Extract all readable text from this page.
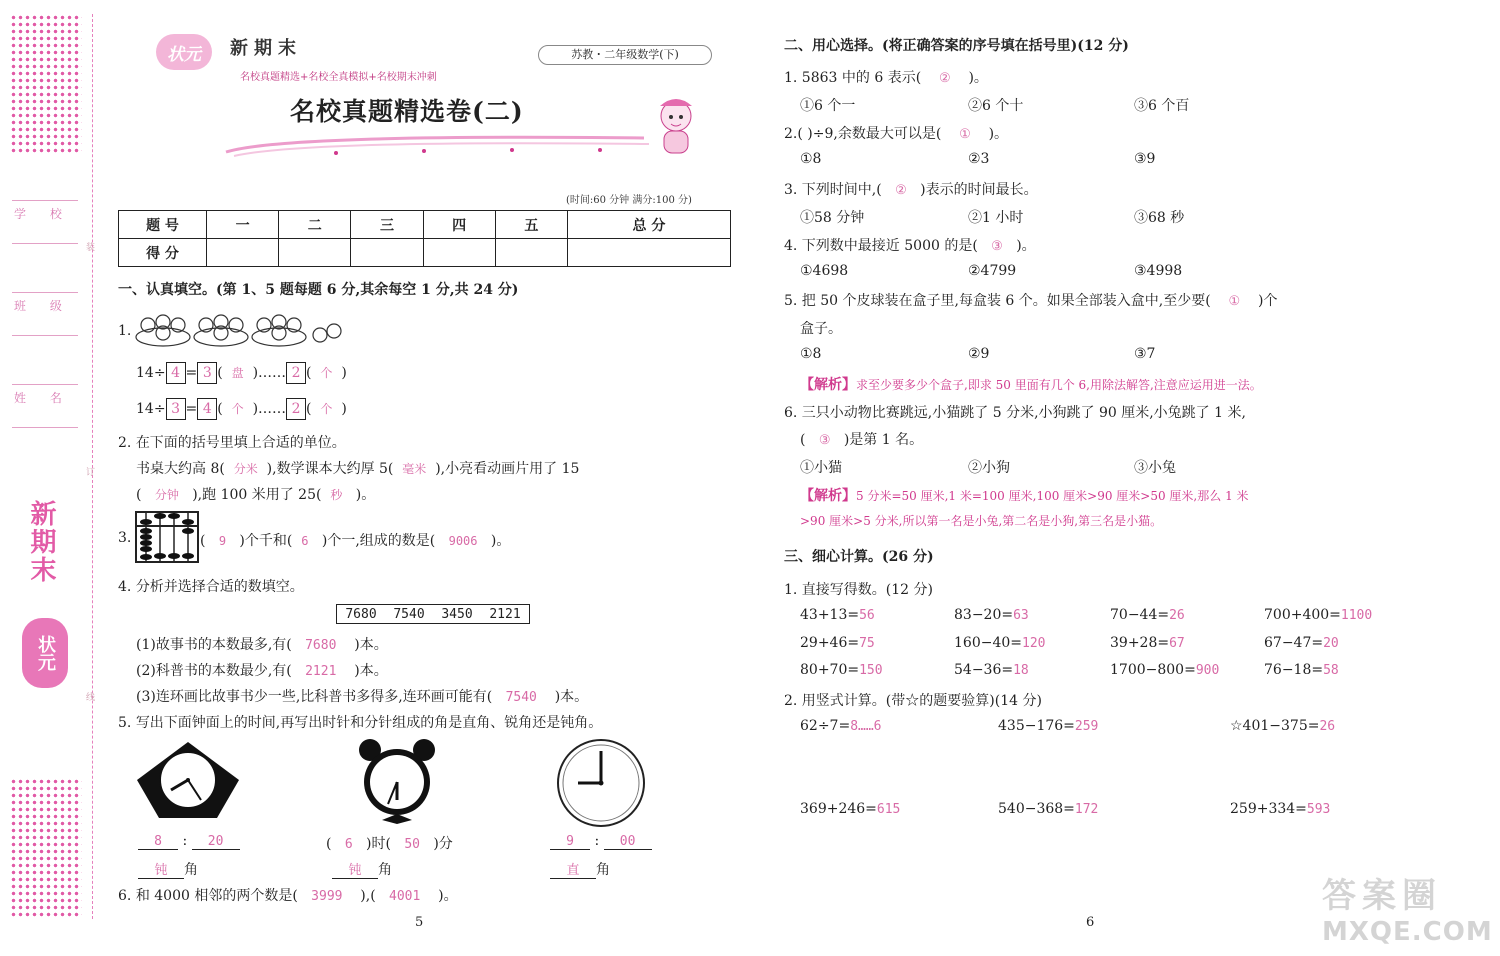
学 校
班 级
姓 名
装
订
线
新期末
状元
状元	新期末
名校真题精选+名校全真模拟+名校期末冲刺
苏教・二年级数学(下)
名校真题精选卷(二)
(时间:60 分钟 满分:100 分)
题 号	一	二	三	四	五	总 分
得 分						
一、认真填空。(第 1、5 题每题 6 分,其余每空 1 分,共 24 分)
1.
14÷ 4 = 3 ( 盘 )…… 2 ( 个 )
14÷ 3 = 4 ( 个 )…… 2 ( 个 )
2. 在下面的括号里填上合适的单位。
书桌大约高 8( 分米 ),数学课本大约厚 5( 毫米 ),小亮看动画片用了 15
( 分钟 ),跑 100 米用了 25( 秒 )。
3.	( 9 )个千和( 6 )个一,组成的数是( 9006 )。
4. 分析并选择合适的数填空。
7680 7540 3450 2121
(1)故事书的本数最多,有( 7680 )本。
(2)科普书的本数最少,有( 2121 )本。
(3)连环画比故事书少一些,比科普书多得多,连环画可能有( 7540 )本。
5. 写出下面钟面上的时间,再写出时针和分针组成的角是直角、锐角还是钝角。
8 : 20
钝 角
( 6 )时( 50 )分
钝 角
9 : 00
直 角
6. 和 4000 相邻的两个数是( 3999 ),( 4001 )。
5
二、用心选择。(将正确答案的序号填在括号里)(12 分)
1. 5863 中的 6 表示( ② )。
①6 个一	②6 个十	③6 个百
2.( )÷9,余数最大可以是( ① )。
①8	②3	③9
3. 下列时间中,( ② )表示的时间最长。
①58 分钟	②1 小时	③68 秒
4. 下列数中最接近 5000 的是( ③ )。
①4698	②4799	③4998
5. 把 50 个皮球装在盒子里,每盒装 6 个。如果全部装入盒中,至少要( ① )个
盒子。
①8	②9	③7
【解析】求至少要多少个盒子,即求 50 里面有几个 6,用除法解答,注意应运用进一法。
6. 三只小动物比赛跳远,小猫跳了 5 分米,小狗跳了 90 厘米,小兔跳了 1 米,
( ③ )是第 1 名。
①小猫	②小狗	③小兔
【解析】5 分米=50 厘米,1 米=100 厘米,100 厘米>90 厘米>50 厘米,那么 1 米
>90 厘米>5 分米,所以第一名是小兔,第二名是小狗,第三名是小猫。
三、细心计算。(26 分)
1. 直接写得数。(12 分)
43+13=56	83−20=63	70−44=26	700+400=1100
29+46=75	160−40=120	39+28=67	67−47=20
80+70=150	54−36=18	1700−800=900	76−18=58
2. 用竖式计算。(带☆的题要验算)(14 分)
62÷7=8……6	435−176=259	☆401−375=26
369+246=615	540−368=172	259+334=593
6
答案圈
MXQE.COM
